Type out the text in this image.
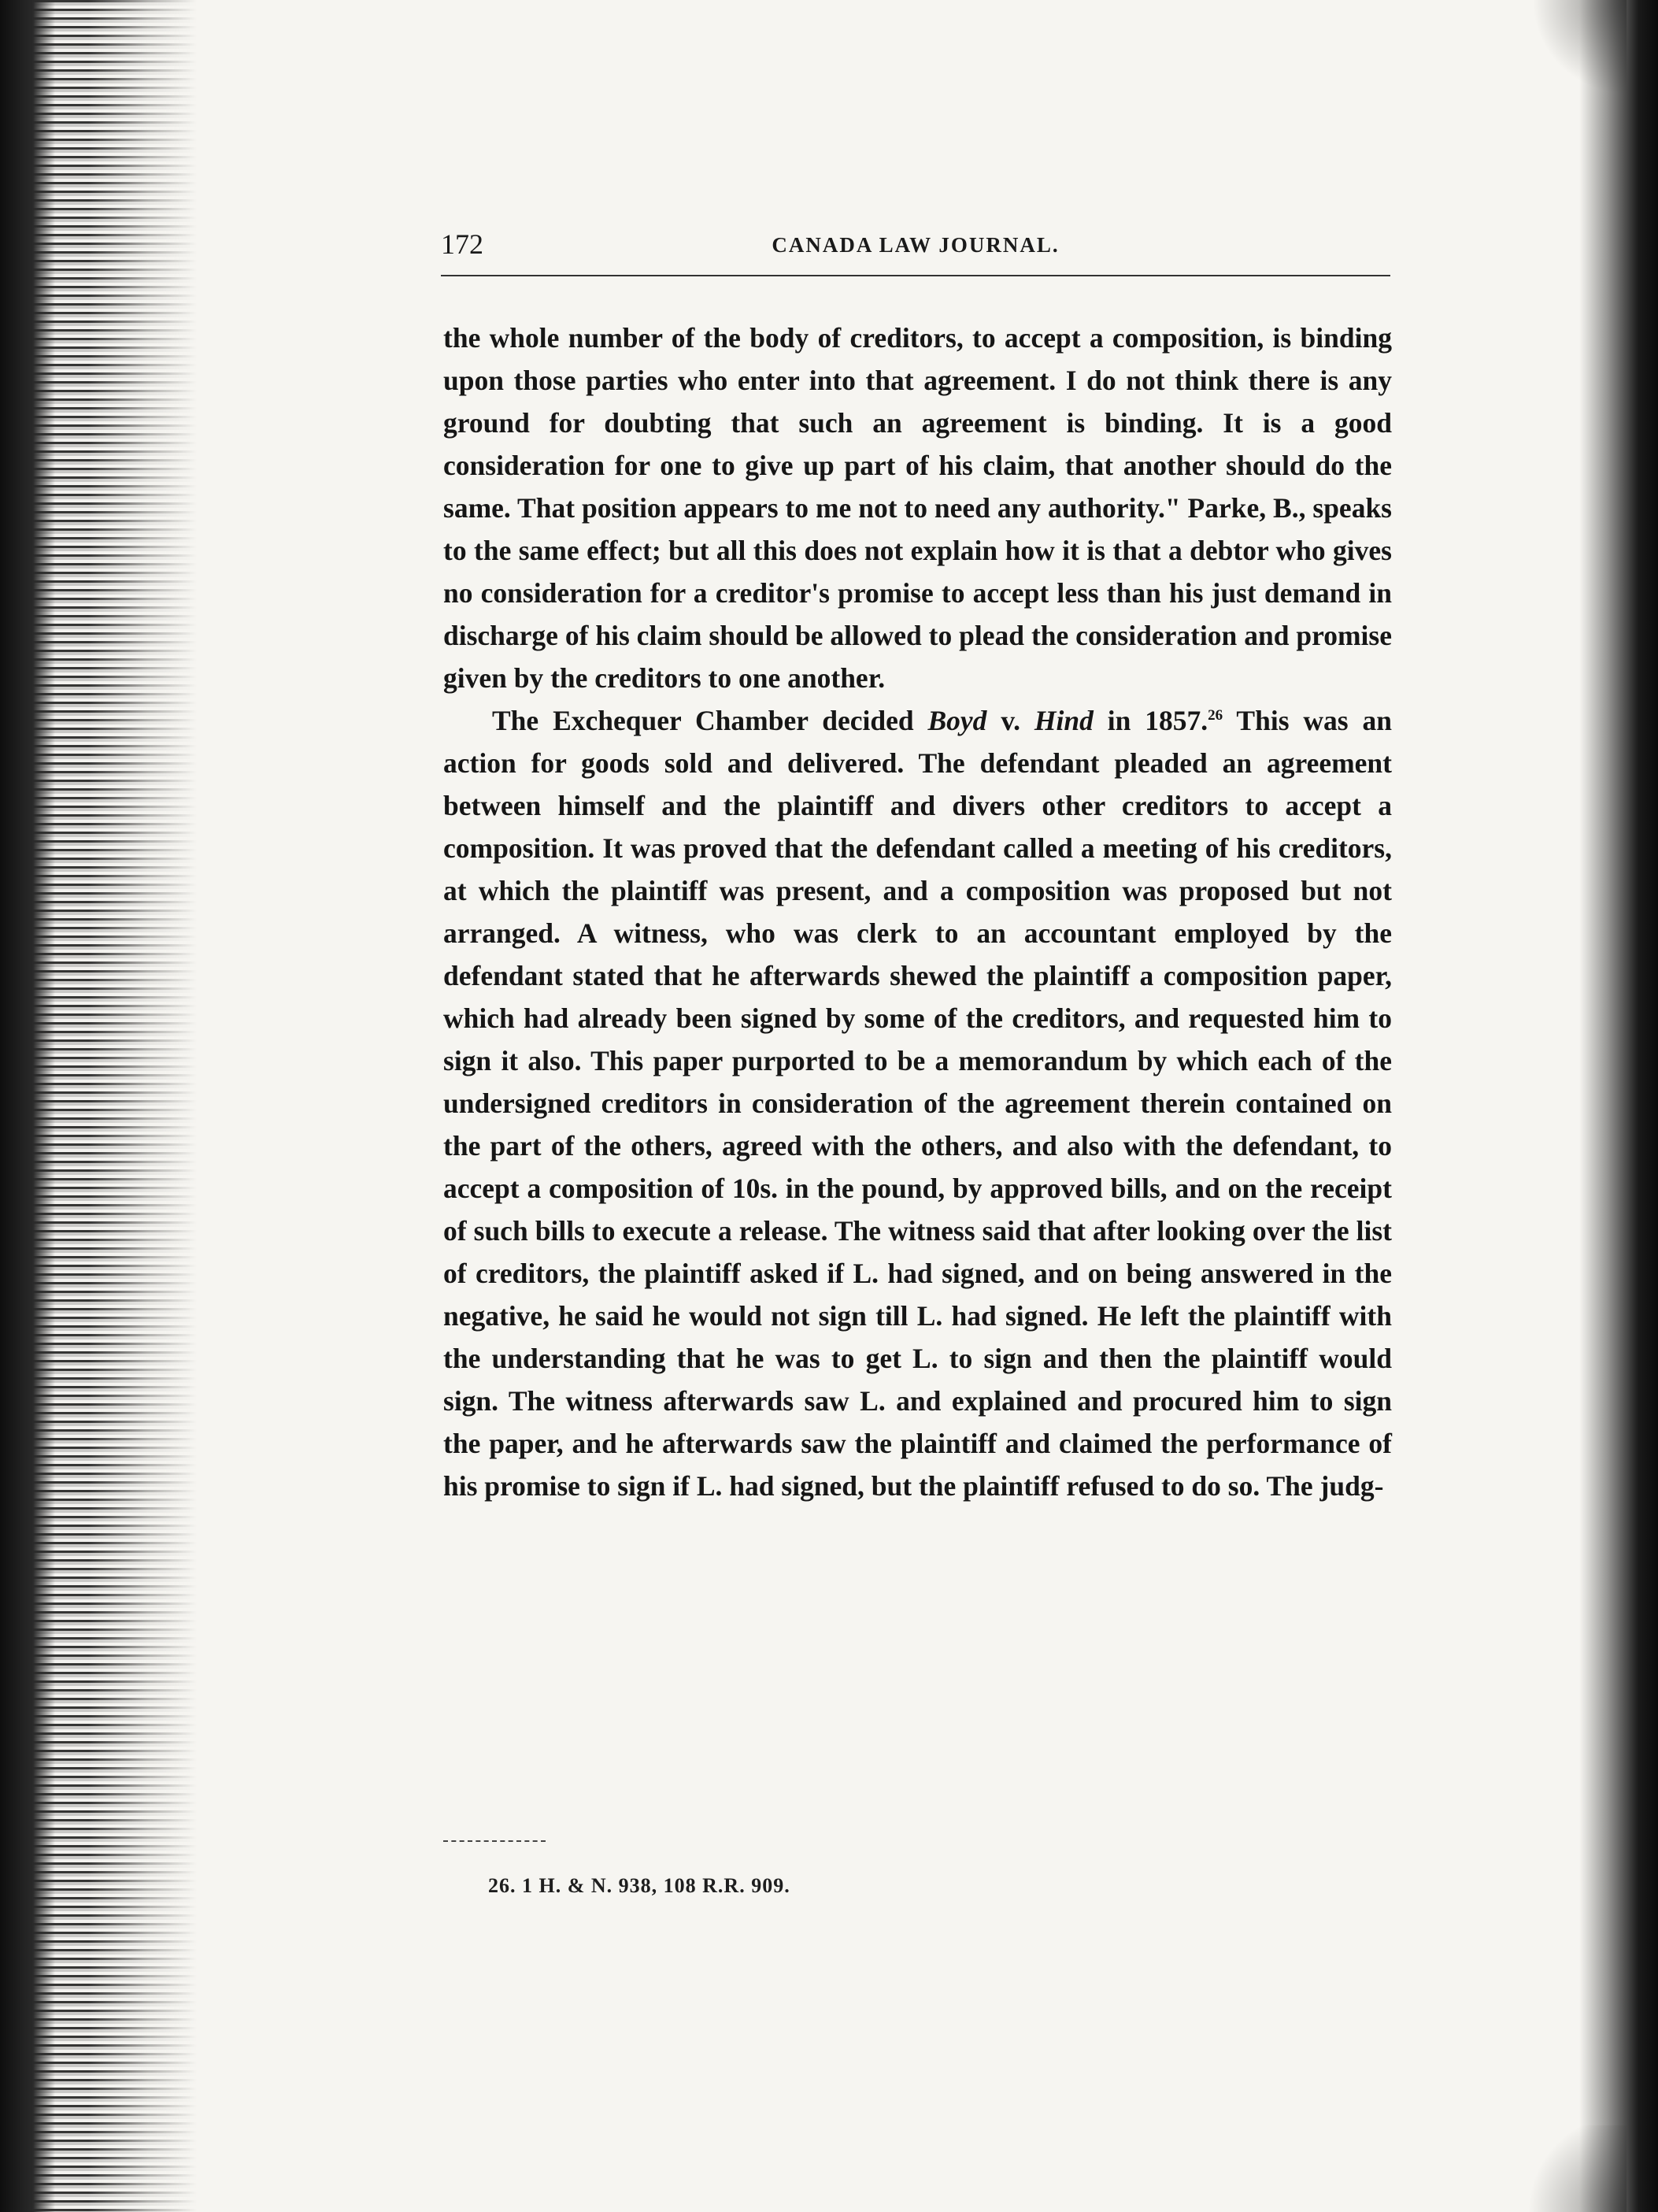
172	CANADA LAW JOURNAL.

the whole number of the body of creditors, to accept a composition, is binding upon those parties who enter into that agreement. I do not think there is any ground for doubting that such an agreement is binding. It is a good consideration for one to give up part of his claim, that another should do the same. That position appears to me not to need any authority." Parke, B., speaks to the same effect; but all this does not explain how it is that a debtor who gives no consideration for a creditor's promise to accept less than his just demand in discharge of his claim should be allowed to plead the consideration and promise given by the creditors to one another.

The Exchequer Chamber decided Boyd v. Hind in 1857.26 This was an action for goods sold and delivered. The defendant pleaded an agreement between himself and the plaintiff and divers other creditors to accept a composition. It was proved that the defendant called a meeting of his creditors, at which the plaintiff was present, and a composition was proposed but not arranged. A witness, who was clerk to an accountant employed by the defendant stated that he afterwards shewed the plaintiff a composition paper, which had already been signed by some of the creditors, and requested him to sign it also. This paper purported to be a memorandum by which each of the undersigned creditors in consideration of the agreement therein contained on the part of the others, agreed with the others, and also with the defendant, to accept a composition of 10s. in the pound, by approved bills, and on the receipt of such bills to execute a release. The witness said that after looking over the list of creditors, the plaintiff asked if L. had signed, and on being answered in the negative, he said he would not sign till L. had signed. He left the plaintiff with the understanding that he was to get L. to sign and then the plaintiff would sign. The witness afterwards saw L. and explained and procured him to sign the paper, and he afterwards saw the plaintiff and claimed the performance of his promise to sign if L. had signed, but the plaintiff refused to do so. The judg-

26. 1 H. & N. 938, 108 R.R. 909.
